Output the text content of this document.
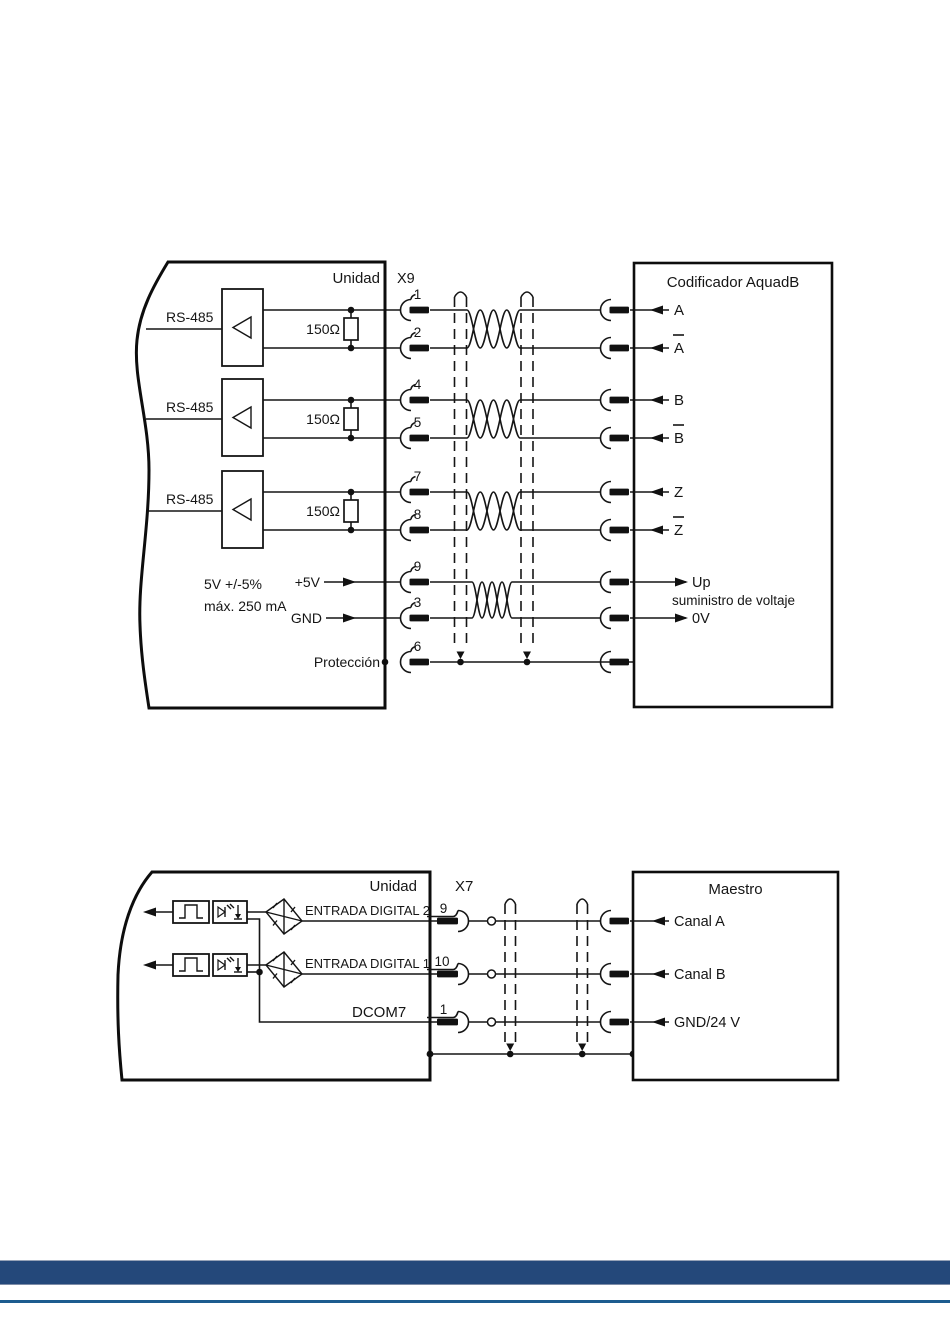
Unidad X9	Codificador AquadB
RS-485
RS-485
RS-485
150Ω
150Ω
150Ω
5V +/-5%
máx. 250 mA
+5V
GND
Protección
1
2
4
5
7
8
9
3
6
A
A
B
B
Z
Z
Up
suministro de voltaje
0V
Unidad	X7	Maestro
ENTRADA DIGITAL 2
ENTRADA DIGITAL 1
DCOM7
9
10
1
Canal A
Canal B
GND/24 V
